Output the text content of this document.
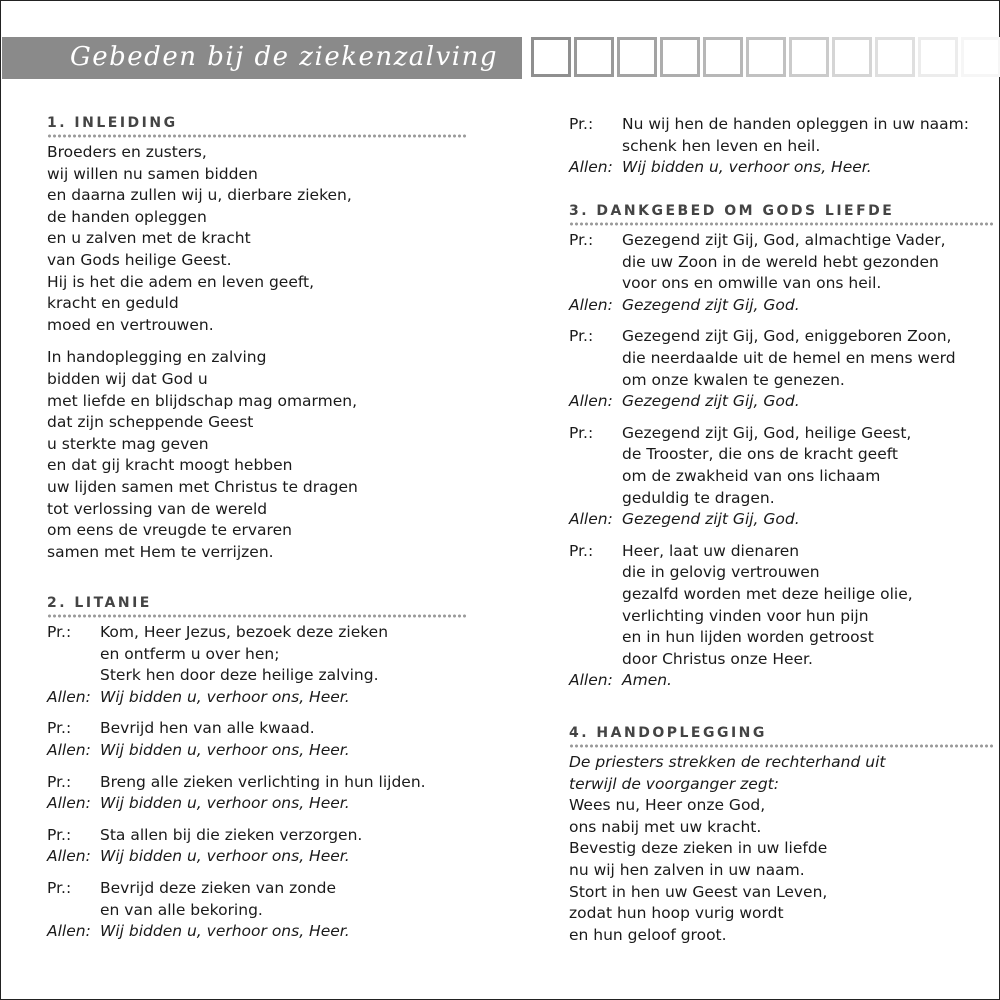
Gebeden bij de ziekenzalving
1. INLEIDING
Broeders en zusters,
wij willen nu samen bidden
en daarna zullen wij u, dierbare zieken,
de handen opleggen
en u zalven met de kracht
van Gods heilige Geest.
Hij is het die adem en leven geeft,
kracht en geduld
moed en vertrouwen.
In handoplegging en zalving
bidden wij dat God u
met liefde en blijdschap mag omarmen,
dat zijn scheppende Geest
u sterkte mag geven
en dat gij kracht moogt hebben
uw lijden samen met Christus te dragen
tot verlossing van de wereld
om eens de vreugde te ervaren
samen met Hem te verrijzen.
2. LITANIE
Pr.:	Kom, Heer Jezus, bezoek deze zieken
en ontferm u over hen;
Sterk hen door deze heilige zalving.
Allen: Wij bidden u, verhoor ons, Heer.
Pr.:	Bevrijd hen van alle kwaad.
Allen: Wij bidden u, verhoor ons, Heer.
Pr.:	Breng alle zieken verlichting in hun lijden.
Allen: Wij bidden u, verhoor ons, Heer.
Pr.:	Sta allen bij die zieken verzorgen.
Allen: Wij bidden u, verhoor ons, Heer.
Pr.:	Bevrijd deze zieken van zonde
en van alle bekoring.
Allen: Wij bidden u, verhoor ons, Heer.
Pr.:	Nu wij hen de handen opleggen in uw naam:
schenk hen leven en heil.
Allen: Wij bidden u, verhoor ons, Heer.
3. DANKGEBED OM GODS LIEFDE
Pr.:	Gezegend zijt Gij, God, almachtige Vader,
die uw Zoon in de wereld hebt gezonden
voor ons en omwille van ons heil.
Allen: Gezegend zijt Gij, God.
Pr.:	Gezegend zijt Gij, God, eniggeboren Zoon,
die neerdaalde uit de hemel en mens werd
om onze kwalen te genezen.
Allen: Gezegend zijt Gij, God.
Pr.:	Gezegend zijt Gij, God, heilige Geest,
de Trooster, die ons de kracht geeft
om de zwakheid van ons lichaam
geduldig te dragen.
Allen: Gezegend zijt Gij, God.
Pr.:	Heer, laat uw dienaren
die in gelovig vertrouwen
gezalfd worden met deze heilige olie,
verlichting vinden voor hun pijn
en in hun lijden worden getroost
door Christus onze Heer.
Allen: Amen.
4. HANDOPLEGGING
De priesters strekken de rechterhand uit
terwijl de voorganger zegt:
Wees nu, Heer onze God,
ons nabij met uw kracht.
Bevestig deze zieken in uw liefde
nu wij hen zalven in uw naam.
Stort in hen uw Geest van Leven,
zodat hun hoop vurig wordt
en hun geloof groot.
